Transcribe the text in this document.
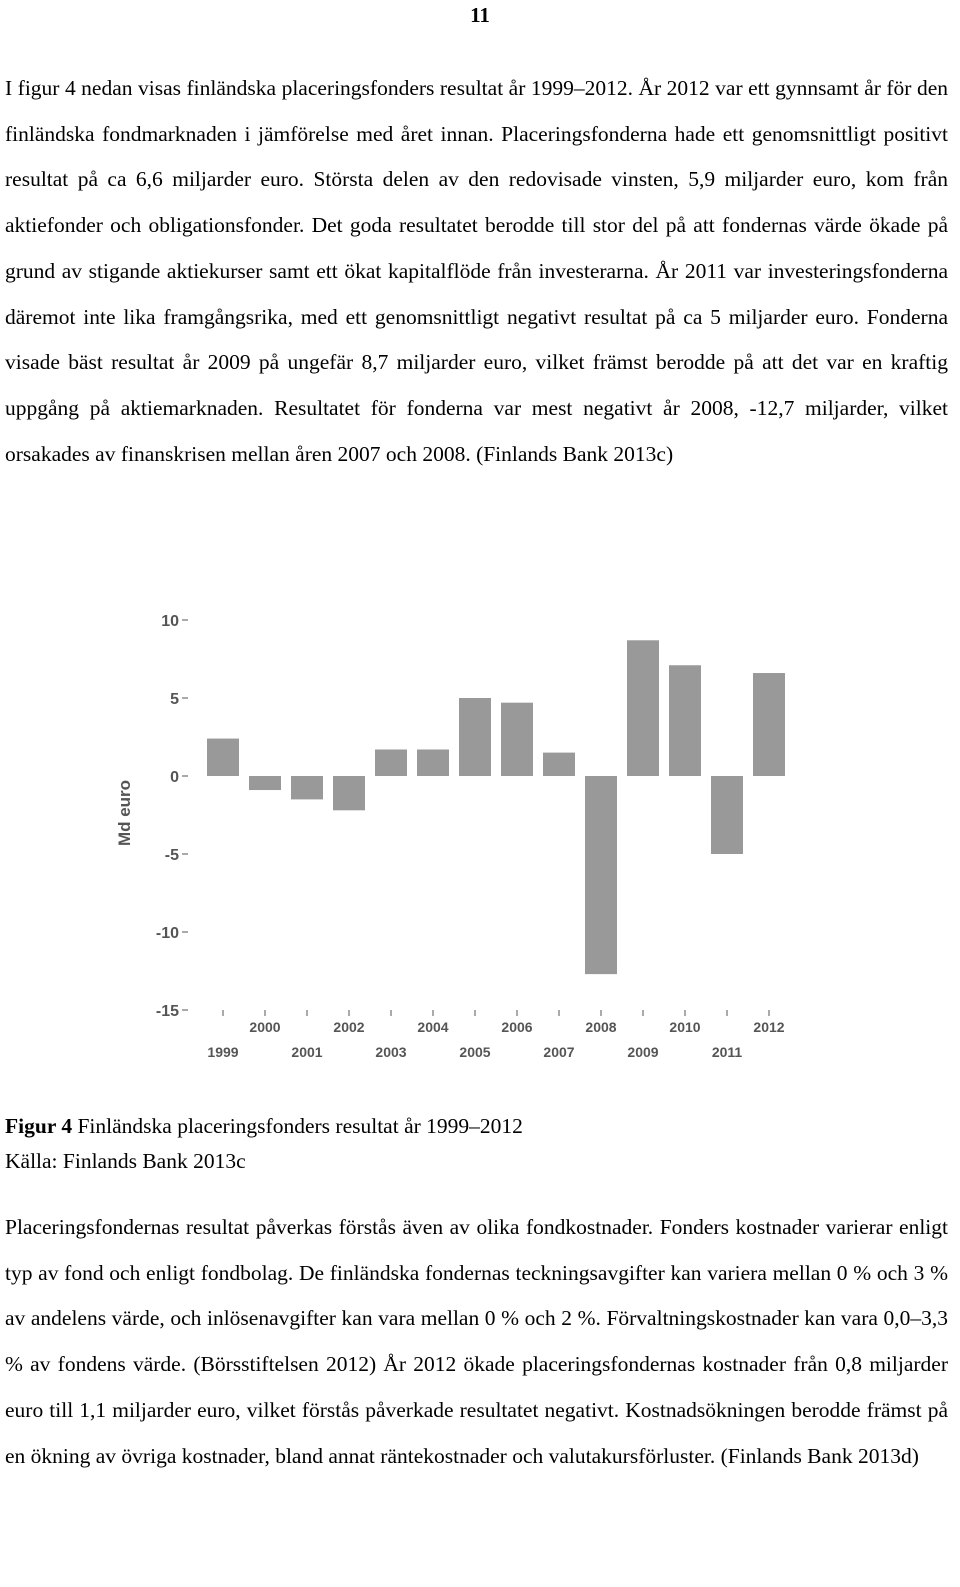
11

I figur 4 nedan visas finländska placeringsfonders resultat år 1999–2012. År 2012 var ett gynnsamt år för den finländska fondmarknaden i jämförelse med året innan. Placeringsfonderna hade ett genomsnittligt positivt resultat på ca 6,6 miljarder euro. Största delen av den redovisade vinsten, 5,9 miljarder euro, kom från aktiefonder och obligationsfonder. Det goda resultatet berodde till stor del på att fondernas värde ökade på grund av stigande aktiekurser samt ett ökat kapitalflöde från investerarna. År 2011 var investeringsfonderna däremot inte lika framgångsrika, med ett genomsnittligt negativt resultat på ca 5 miljarder euro. Fonderna visade bäst resultat år 2009 på ungefär 8,7 miljarder euro, vilket främst berodde på att det var en kraftig uppgång på aktiemarknaden. Resultatet för fonderna var mest negativt år 2008, -12,7 miljarder, vilket orsakades av finanskrisen mellan åren 2007 och 2008. (Finlands Bank 2013c)

10
5
0
-5
-10
-15
1999
2000
2001
2002
2003
2004
2005
2006
2007
2008
2009
2010
2011
2012
Md euro
Figur 4 Finländska placeringsfonders resultat år 1999–2012
Källa: Finlands Bank 2013c

Placeringsfondernas resultat påverkas förstås även av olika fondkostnader. Fonders kostnader varierar enligt typ av fond och enligt fondbolag. De finländska fondernas teckningsavgifter kan variera mellan 0 % och 3 % av andelens värde, och inlösenavgifter kan vara mellan 0 % och 2 %. Förvaltningskostnader kan vara 0,0–3,3 % av fondens värde. (Börsstiftelsen 2012) År 2012 ökade placeringsfondernas kostnader från 0,8 miljarder euro till 1,1 miljarder euro, vilket förstås påverkade resultatet negativt. Kostnadsökningen berodde främst på en ökning av övriga kostnader, bland annat räntekostnader och valutakursförluster. (Finlands Bank 2013d)
